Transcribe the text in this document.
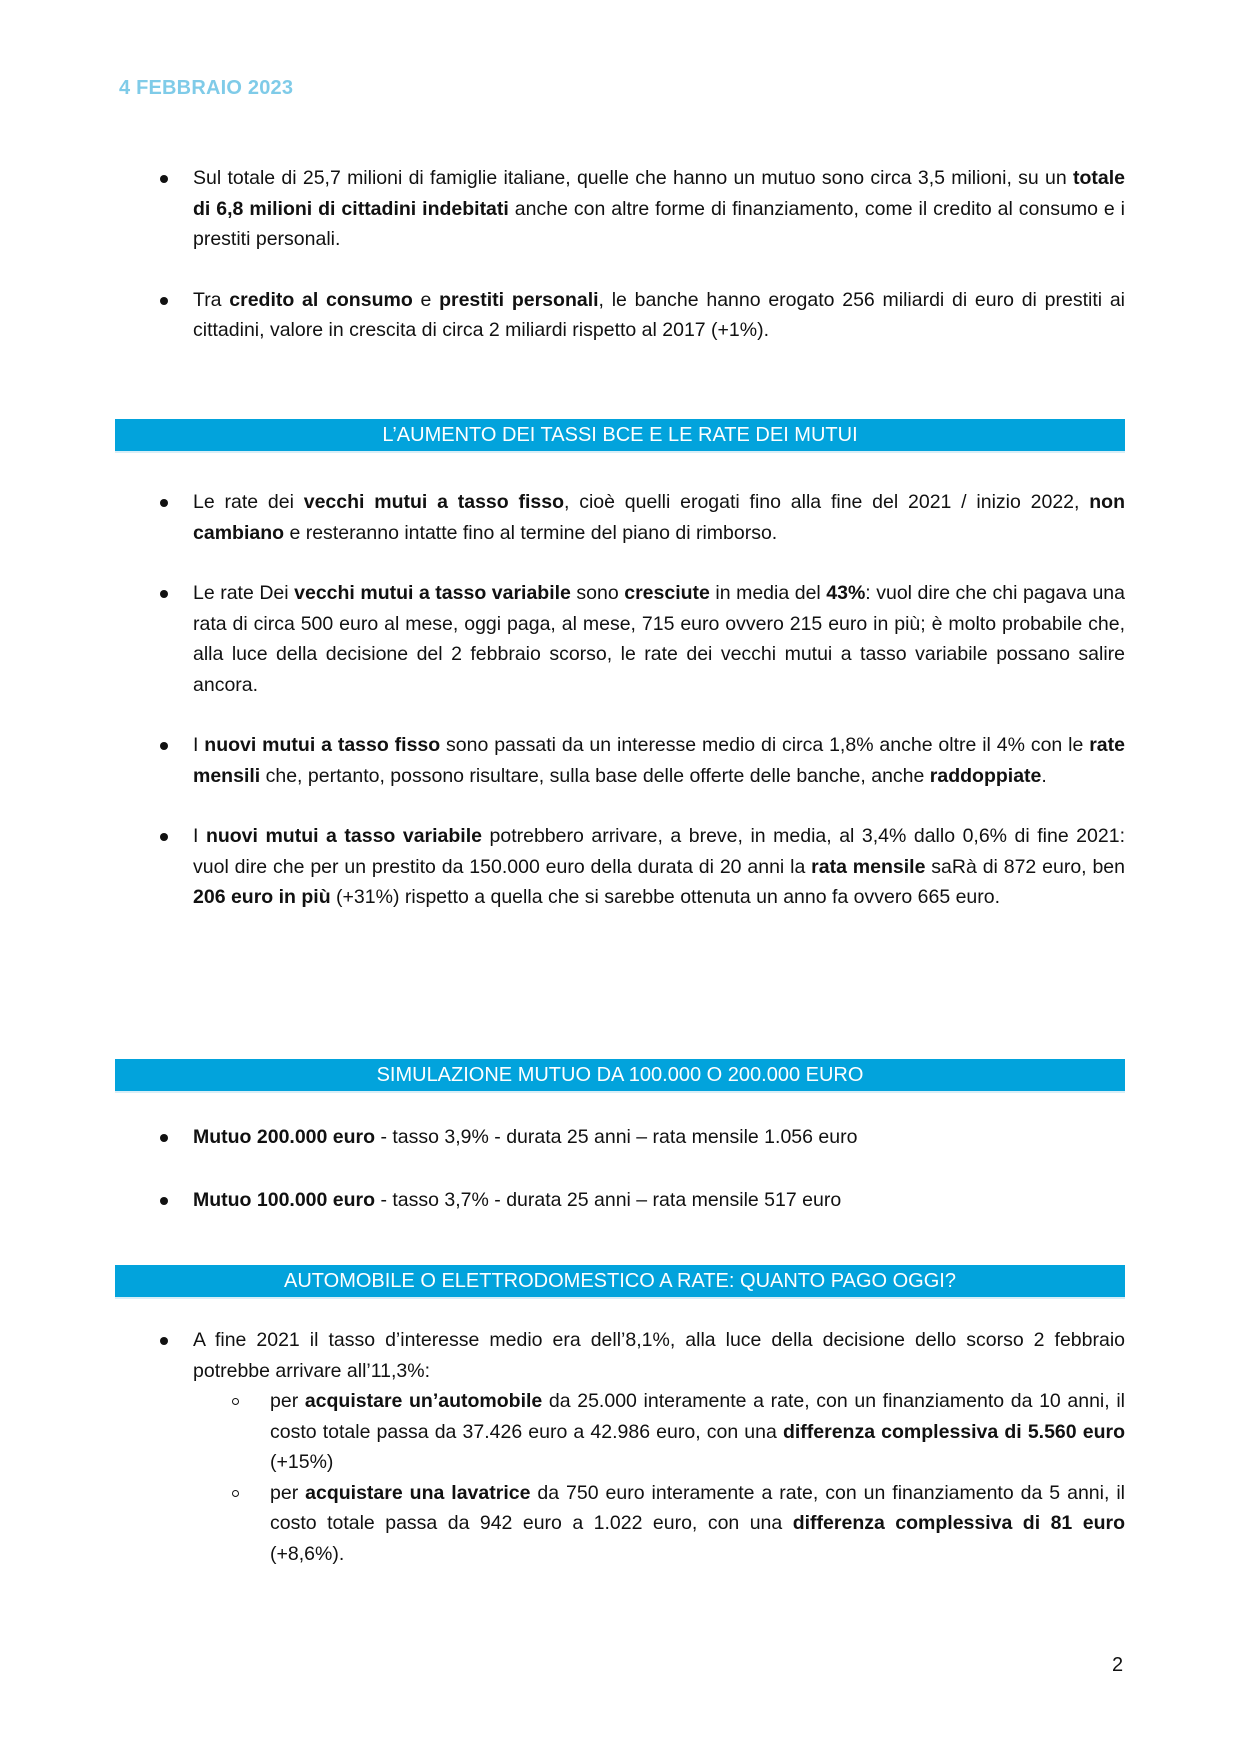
4 FEBBRAIO 2023
Sul totale di 25,7 milioni di famiglie italiane, quelle che hanno un mutuo sono circa 3,5 milioni, su un totale di 6,8 milioni di cittadini indebitati anche con altre forme di finanziamento, come il credito al consumo e i prestiti personali.
Tra credito al consumo e prestiti personali, le banche hanno erogato 256 miliardi di euro di prestiti ai cittadini, valore in crescita di circa 2 miliardi rispetto al 2017 (+1%).
L’AUMENTO DEI TASSI BCE E LE RATE DEI MUTUI
Le rate dei vecchi mutui a tasso fisso, cioè quelli erogati fino alla fine del 2021 / inizio 2022, non cambiano e resteranno intatte fino al termine del piano di rimborso.
Le rate Dei vecchi mutui a tasso variabile sono cresciute in media del 43%: vuol dire che chi pagava una rata di circa 500 euro al mese, oggi paga, al mese, 715 euro ovvero 215 euro in più; è molto probabile che, alla luce della decisione del 2 febbraio scorso, le rate dei vecchi mutui a tasso variabile possano salire ancora.
I nuovi mutui a tasso fisso sono passati da un interesse medio di circa 1,8% anche oltre il 4% con le rate mensili che, pertanto, possono risultare, sulla base delle offerte delle banche, anche raddoppiate.
I nuovi mutui a tasso variabile potrebbero arrivare, a breve, in media, al 3,4% dallo 0,6% di fine 2021: vuol dire che per un prestito da 150.000 euro della durata di 20 anni la rata mensile saRà di 872 euro, ben 206 euro in più (+31%) rispetto a quella che si sarebbe ottenuta un anno fa ovvero 665 euro.
SIMULAZIONE MUTUO DA 100.000 O 200.000 EURO
Mutuo 200.000 euro - tasso 3,9% - durata 25 anni – rata mensile 1.056 euro
Mutuo 100.000 euro - tasso 3,7% - durata 25 anni – rata mensile 517 euro
AUTOMOBILE O ELETTRODOMESTICO A RATE: QUANTO PAGO OGGI?
A fine 2021 il tasso d’interesse medio era dell’8,1%, alla luce della decisione dello scorso 2 febbraio potrebbe arrivare all’11,3%:
per acquistare un’automobile da 25.000 interamente a rate, con un finanziamento da 10 anni, il costo totale passa da 37.426 euro a 42.986 euro, con una differenza complessiva di 5.560 euro (+15%)
per acquistare una lavatrice da 750 euro interamente a rate, con un finanziamento da 5 anni, il costo totale passa da 942 euro a 1.022 euro, con una differenza complessiva di 81 euro (+8,6%).
2
